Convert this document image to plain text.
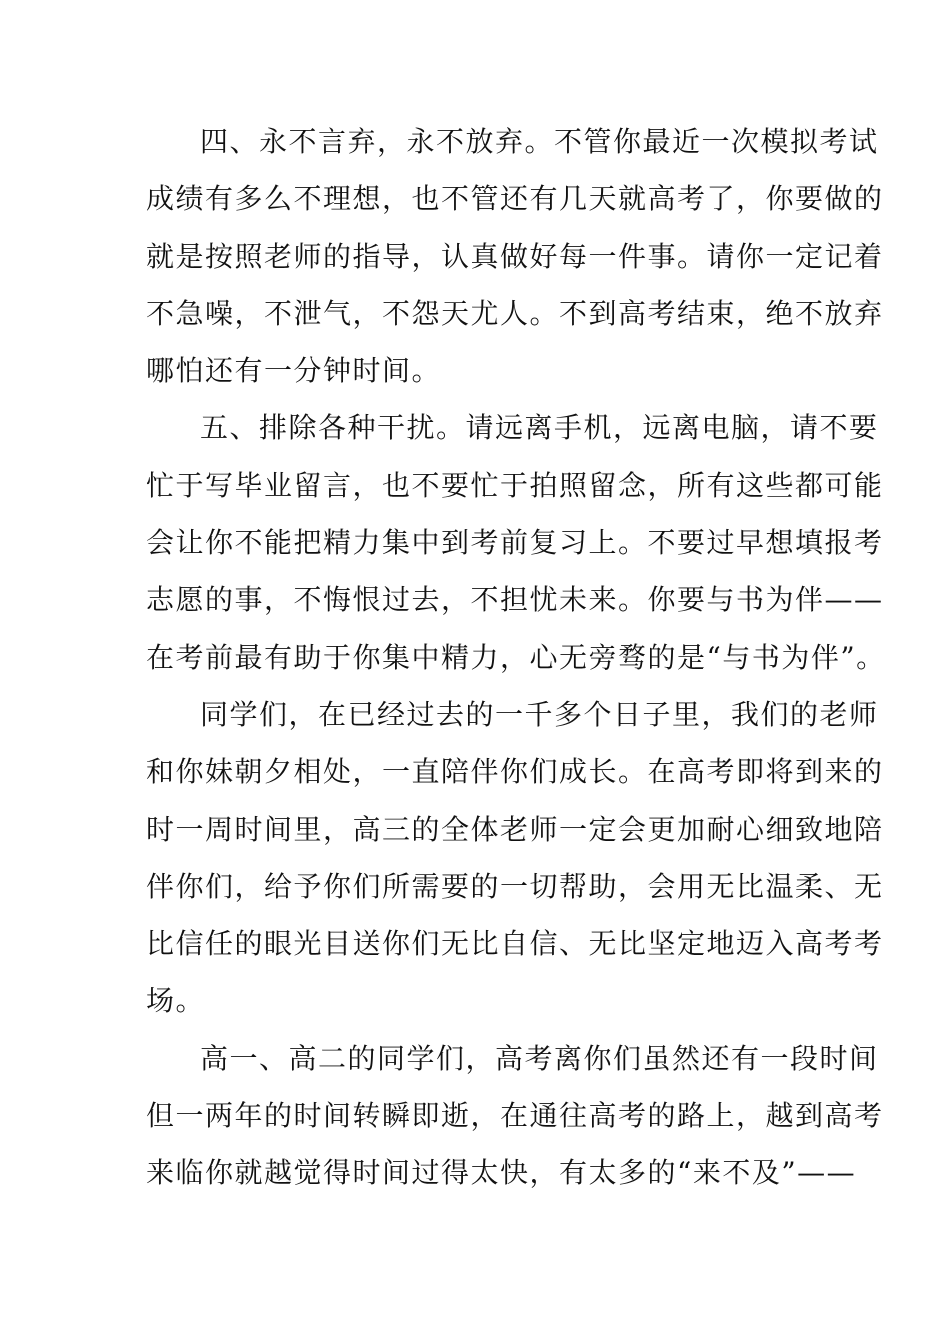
四、永不言弃，永不放弃。不管你最近一次模拟考试
成绩有多么不理想，也不管还有几天就高考了，你要做的
就是按照老师的指导，认真做好每一件事。请你一定记着
不急噪，不泄气，不怨天尤人。不到高考结束，绝不放弃
哪怕还有一分钟时间。
五、排除各种干扰。请远离手机，远离电脑，请不要
忙于写毕业留言，也不要忙于拍照留念，所有这些都可能
会让你不能把精力集中到考前复习上。不要过早想填报考
志愿的事，不悔恨过去，不担忧未来。你要与书为伴——
在考前最有助于你集中精力，心无旁骛的是“与书为伴”。
同学们，在已经过去的一千多个日子里，我们的老师
和你妹朝夕相处，一直陪伴你们成长。在高考即将到来的
时一周时间里，高三的全体老师一定会更加耐心细致地陪
伴你们，给予你们所需要的一切帮助，会用无比温柔、无
比信任的眼光目送你们无比自信、无比坚定地迈入高考考
场。
高一、高二的同学们，高考离你们虽然还有一段时间
但一两年的时间转瞬即逝，在通往高考的路上，越到高考
来临你就越觉得时间过得太快，有太多的“来不及”——
